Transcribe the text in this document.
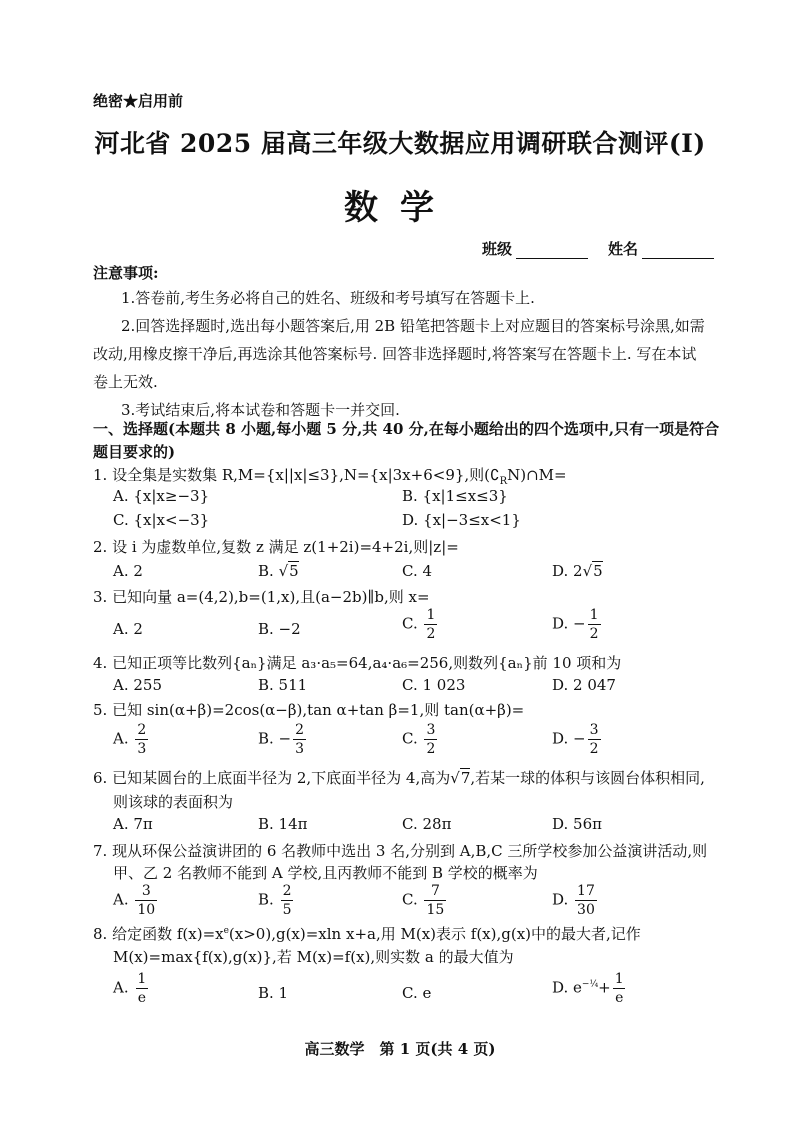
绝密★启用前
河北省 2025 届高三年级大数据应用调研联合测评(Ⅰ)
数学
班级	姓名
注意事项:
1.答卷前,考生务必将自己的姓名、班级和考号填写在答题卡上.
2.回答选择题时,选出每小题答案后,用 2B 铅笔把答题卡上对应题目的答案标号涂黑,如需
改动,用橡皮擦干净后,再选涂其他答案标号. 回答非选择题时,将答案写在答题卡上. 写在本试
卷上无效.
3.考试结束后,将本试卷和答题卡一并交回.
一、选择题(本题共 8 小题,每小题 5 分,共 40 分,在每小题给出的四个选项中,只有一项是符合
题目要求的)
1. 设全集是实数集 R,M={x||x|≤3},N={x|3x+6<9},则$(∁_RN)\cap M=$
A. {x|x≥−3}	B. {x|1≤x≤3}
C. {x|x<−3}	D. {x|−3≤x<1}
2. 设 i 为虚数单位,复数 z 满足 z(1+2i)=4+2i,则|z|=
A. 2	B. √5	C. 4	D. 2√5
3. 已知向量 a=(4,2),b=(1,x),且(a−2b)∥b,则 x=
A. 2	B. −2	C. $\frac{1}{2}$	D. − $\frac{1}{2}$
4. 已知正项等比数列{aₙ}满足 a₃·a₅=64,a₄·a₆=256,则数列{aₙ}前 10 项和为
A. 255	B. 511	C. 1 023	D. 2 047
5. 已知 sin(α+β)=2cos(α−β),tan α+tan β=1,则 tan(α+β)=
A. $\frac{2}{3}$	B. − $\frac{2}{3}$	C. $\frac{3}{2}$	D. − $\frac{3}{2}$
6. 已知某圆台的上底面半径为 2,下底面半径为 4,高为√7,若某一球的体积与该圆台体积相同,
则该球的表面积为
A. 7π	B. 14π	C. 28π	D. 56π
7. 现从环保公益演讲团的 6 名教师中选出 3 名,分别到 A,B,C 三所学校参加公益演讲活动,则
甲、乙 2 名教师不能到 A 学校,且丙教师不能到 B 学校的概率为
A. $\frac{3}{10}$	B. $\frac{2}{5}$	C. $\frac{7}{15}$	D. $\frac{17}{30}$
8. 给定函数 $f(x)=x^e(x>0),g(x)=xln$ x+a,用 M(x)表示 f(x),g(x)中的最大者,记作
M(x)=max{f(x),g(x)},若 M(x)=f(x),则实数 a 的最大值为
A. $\frac{1}{e}$	B. 1	C. e	D. $e^{-\frac{1}{4}}+ \frac{1}{e}$
高三数学　第 1 页(共 4 页)
